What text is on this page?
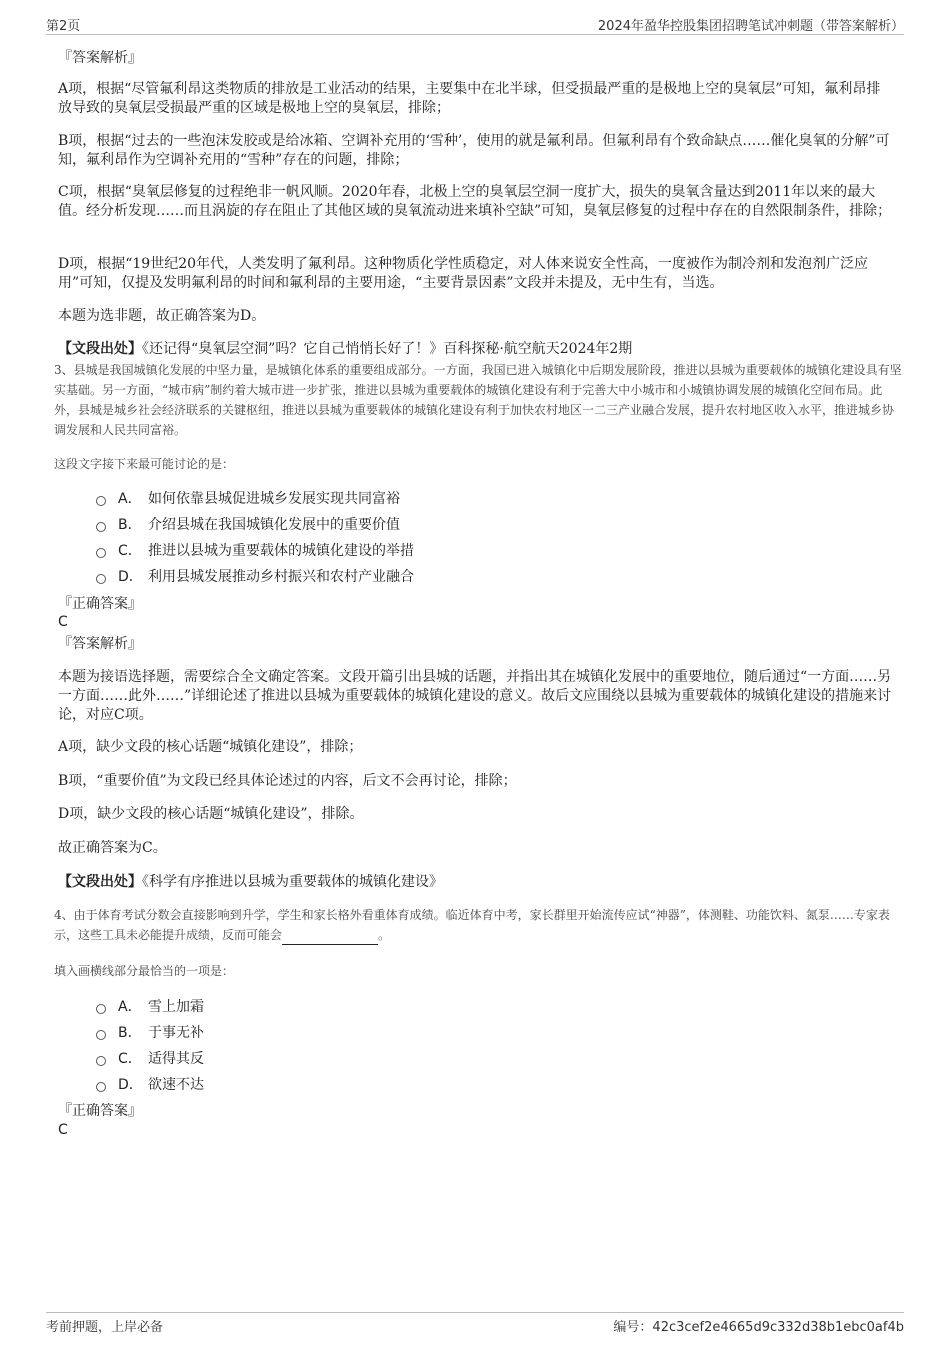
第2页	2024年盈华控股集团招聘笔试冲刺题（带答案解析）
『答案解析』

A项，根据“尽管氟利昂这类物质的排放是工业活动的结果，主要集中在北半球，但受损最严重的是极地上空的臭氧层”可知，氟利昂排放导致的臭氧层受损最严重的区域是极地上空的臭氧层，排除；

B项，根据“过去的一些泡沫发胶或是给冰箱、空调补充用的‘雪种’，使用的就是氟利昂。但氟利昂有个致命缺点……催化臭氧的分解”可知，氟利昂作为空调补充用的“雪种”存在的问题，排除；

C项，根据“臭氧层修复的过程绝非一帆风顺。2020年春，北极上空的臭氧层空洞一度扩大，损失的臭氧含量达到2011年以来的最大值。经分析发现……而且涡旋的存在阻止了其他区域的臭氧流动进来填补空缺”可知，臭氧层修复的过程中存在的自然限制条件，排除；

D项，根据“19世纪20年代，人类发明了氟利昂。这种物质化学性质稳定，对人体来说安全性高，一度被作为制冷剂和发泡剂广泛应用”可知，仅提及发明氟利昂的时间和氟利昂的主要用途，“主要背景因素”文段并未提及，无中生有，当选。

本题为选非题，故正确答案为D。

【文段出处】《还记得“臭氧层空洞”吗？它自己悄悄长好了！》百科探秘·航空航天2024年2期
3、县城是我国城镇化发展的中坚力量，是城镇化体系的重要组成部分。一方面，我国已进入城镇化中后期发展阶段，推进以县城为重要载体的城镇化建设具有坚实基础。另一方面，“城市病”制约着大城市进一步扩张，推进以县城为重要载体的城镇化建设有利于完善大中小城市和小城镇协调发展的城镇化空间布局。此外，县城是城乡社会经济联系的关键枢纽，推进以县城为重要载体的城镇化建设有利于加快农村地区一二三产业融合发展，提升农村地区收入水平，推进城乡协调发展和人民共同富裕。
这段文字接下来最可能讨论的是：
A． 如何依靠县城促进城乡发展实现共同富裕
B． 介绍县城在我国城镇化发展中的重要价值
C． 推进以县城为重要载体的城镇化建设的举措
D． 利用县城发展推动乡村振兴和农村产业融合
『正确答案』
C
『答案解析』

本题为接语选择题，需要综合全文确定答案。文段开篇引出县城的话题，并指出其在城镇化发展中的重要地位，随后通过“一方面……另一方面……此外……”详细论述了推进以县城为重要载体的城镇化建设的意义。故后文应围绕以县城为重要载体的城镇化建设的措施来讨论，对应C项。

A项，缺少文段的核心话题“城镇化建设”，排除；

B项，“重要价值”为文段已经具体论述过的内容，后文不会再讨论，排除；

D项，缺少文段的核心话题“城镇化建设”，排除。

故正确答案为C。

【文段出处】《科学有序推进以县城为重要载体的城镇化建设》
4、由于体育考试分数会直接影响到升学，学生和家长格外看重体育成绩。临近体育中考，家长群里开始流传应试“神器”，体测鞋、功能饮料、氮泵……专家表示，这些工具未必能提升成绩，反而可能会	。
填入画横线部分最恰当的一项是：
A． 雪上加霜
B． 于事无补
C． 适得其反
D． 欲速不达
『正确答案』
C
考前押题，上岸必备	编号：42c3cef2e4665d9c332d38b1ebc0af4b
